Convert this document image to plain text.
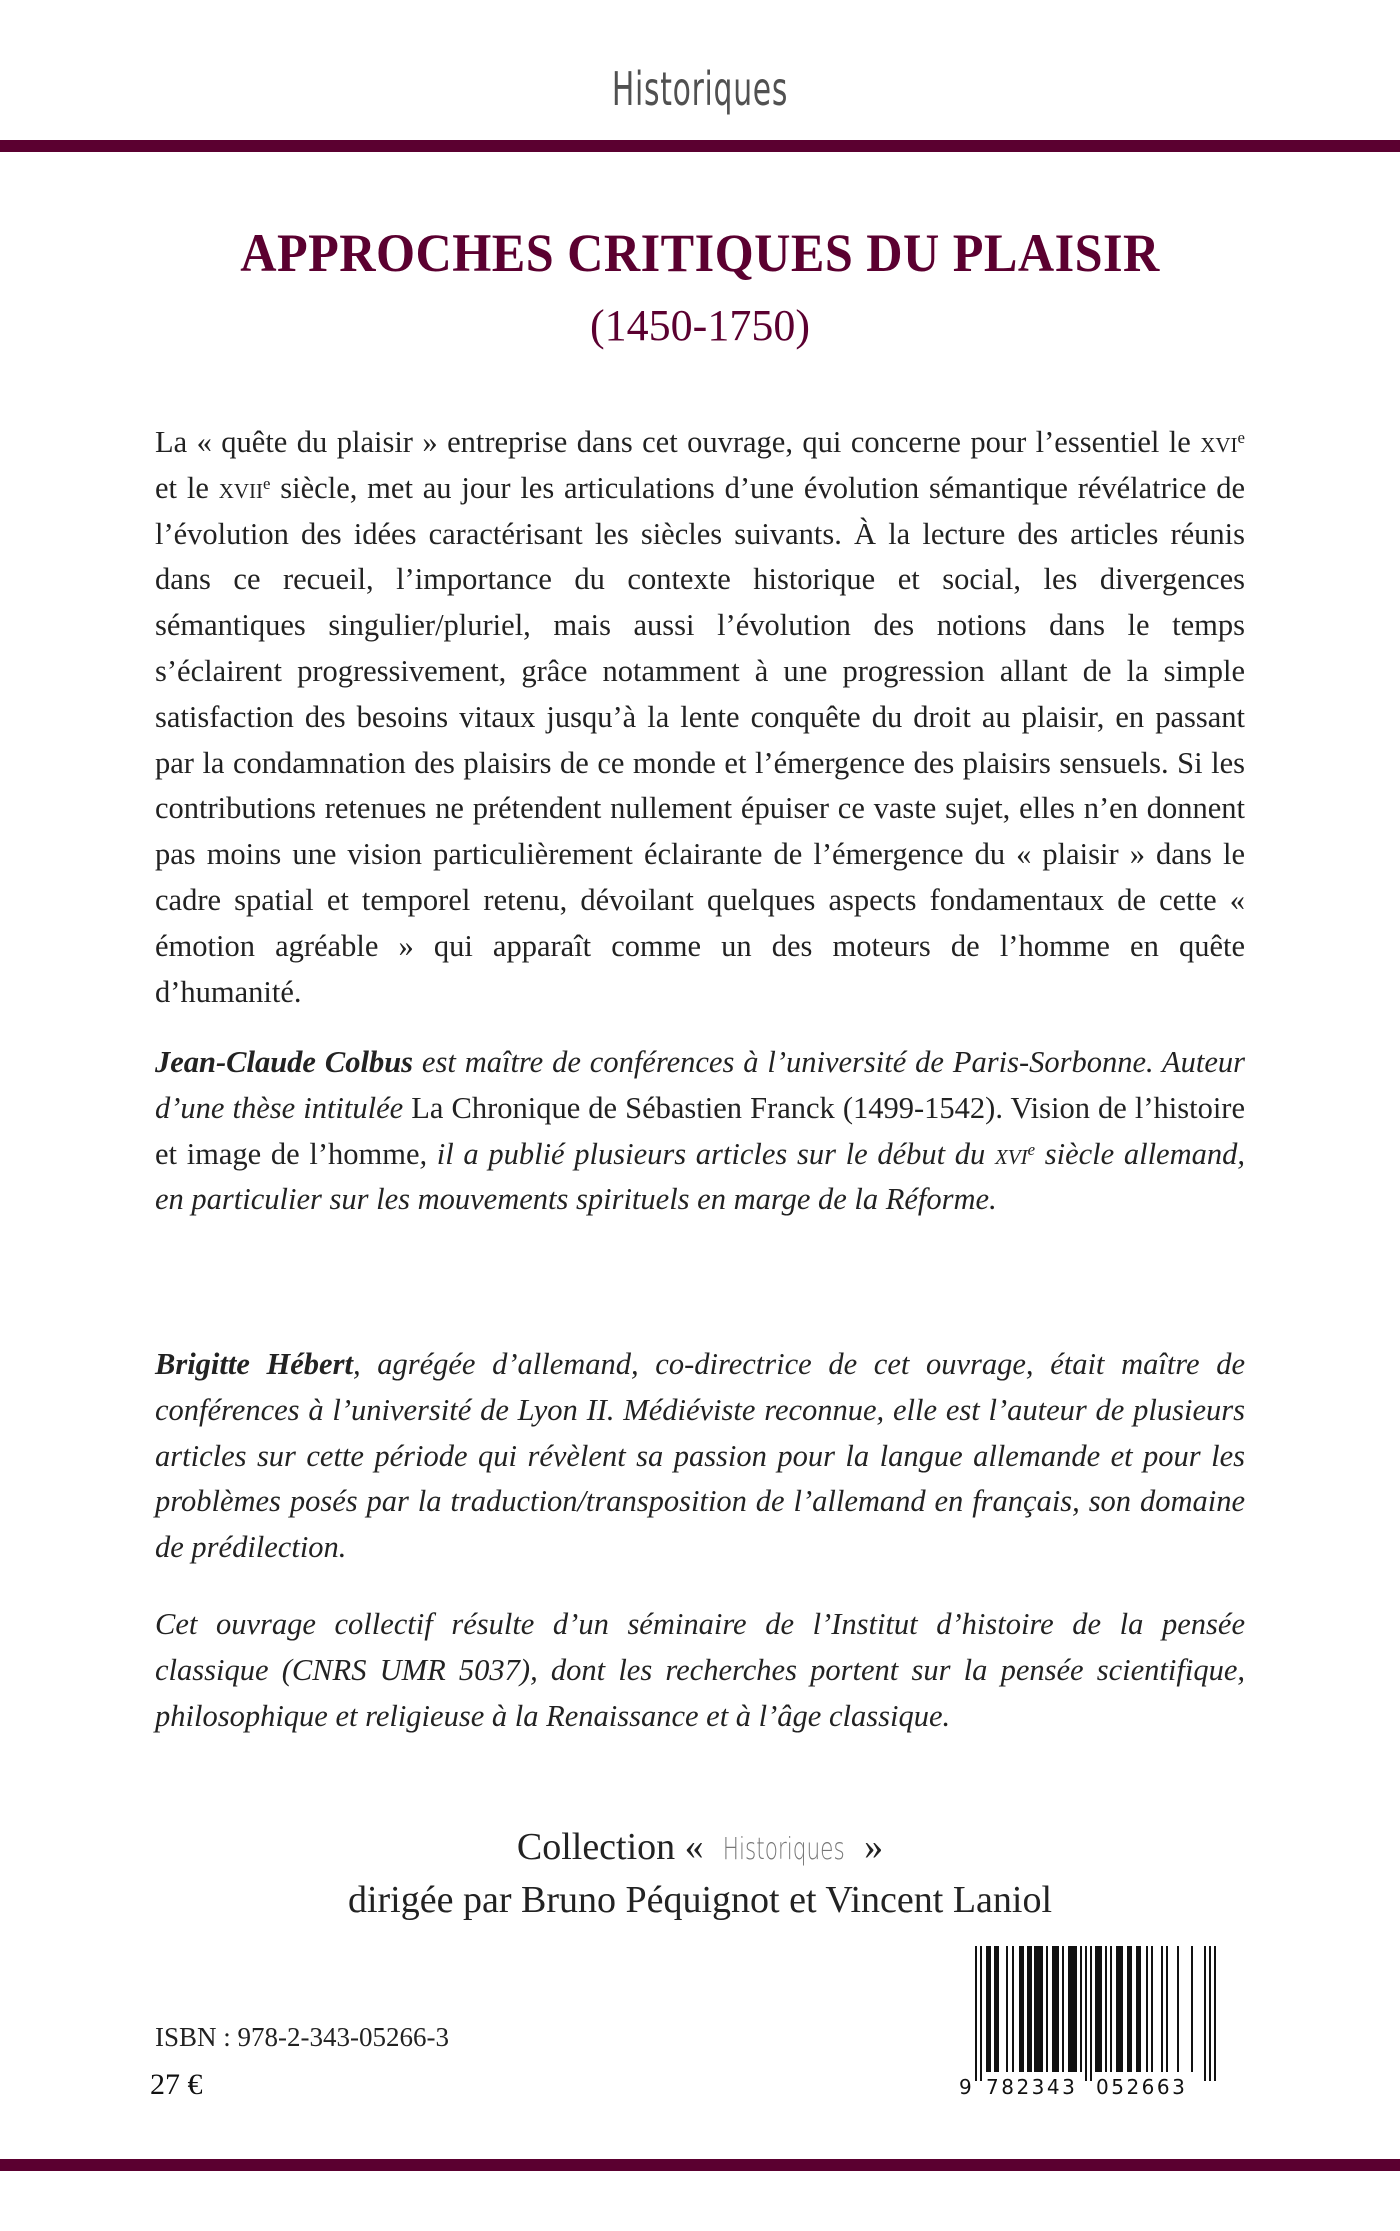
Historiques
APPROCHES CRITIQUES DU PLAISIR
(1450-1750)

La « quête du plaisir » entreprise dans cet ouvrage, qui concerne pour l’essentiel le xvi$^e$ et le xvii$^e$ siècle, met au jour les articulations d’une évolution sémantique révélatrice de l’évolution des idées caractérisant les siècles suivants. À la lecture des articles réunis dans ce recueil, l’importance du contexte historique et social, les divergences sémantiques singulier/pluriel, mais aussi l’évolution des notions dans le temps s’éclairent progressivement, grâce notamment à une progression allant de la simple satisfaction des besoins vitaux jusqu’à la lente conquête du droit au plaisir, en passant par la condamnation des plaisirs de ce monde et l’émergence des plaisirs sensuels. Si les contributions retenues ne prétendent nullement épuiser ce vaste sujet, elles n’en donnent pas moins une vision particulièrement éclairante de l’émergence du « plaisir » dans le cadre spatial et temporel retenu, dévoilant quelques aspects fondamentaux de cette « émotion agréable » qui apparaît comme un des moteurs de l’homme en quête d’humanité.

Jean-Claude Colbus est maître de conférences à l’université de Paris-Sorbonne. Auteur d’une thèse intitulée La Chronique de Sébastien Franck (1499-1542). Vision de l’histoire et image de l’homme, il a publié plusieurs articles sur le début du xvi$^e$ siècle allemand, en particulier sur les mouvements spirituels en marge de la Réforme.

Brigitte Hébert, agrégée d’allemand, co-directrice de cet ouvrage, était maître de conférences à l’université de Lyon II. Médiéviste reconnue, elle est l’auteur de plusieurs articles sur cette période qui révèlent sa passion pour la langue allemande et pour les problèmes posés par la traduction/transposition de l’allemand en français, son domaine de prédilection.

Cet ouvrage collectif résulte d’un séminaire de l’Institut d’histoire de la pensée classique (CNRS UMR 5037), dont les recherches portent sur la pensée scientifique, philosophique et religieuse à la Renaissance et à l’âge classique.

Collection « Historiques »
dirigée par Bruno Péquignot et Vincent Laniol
ISBN : 978-2-343-05266-3
27 €	9 782343 052663
